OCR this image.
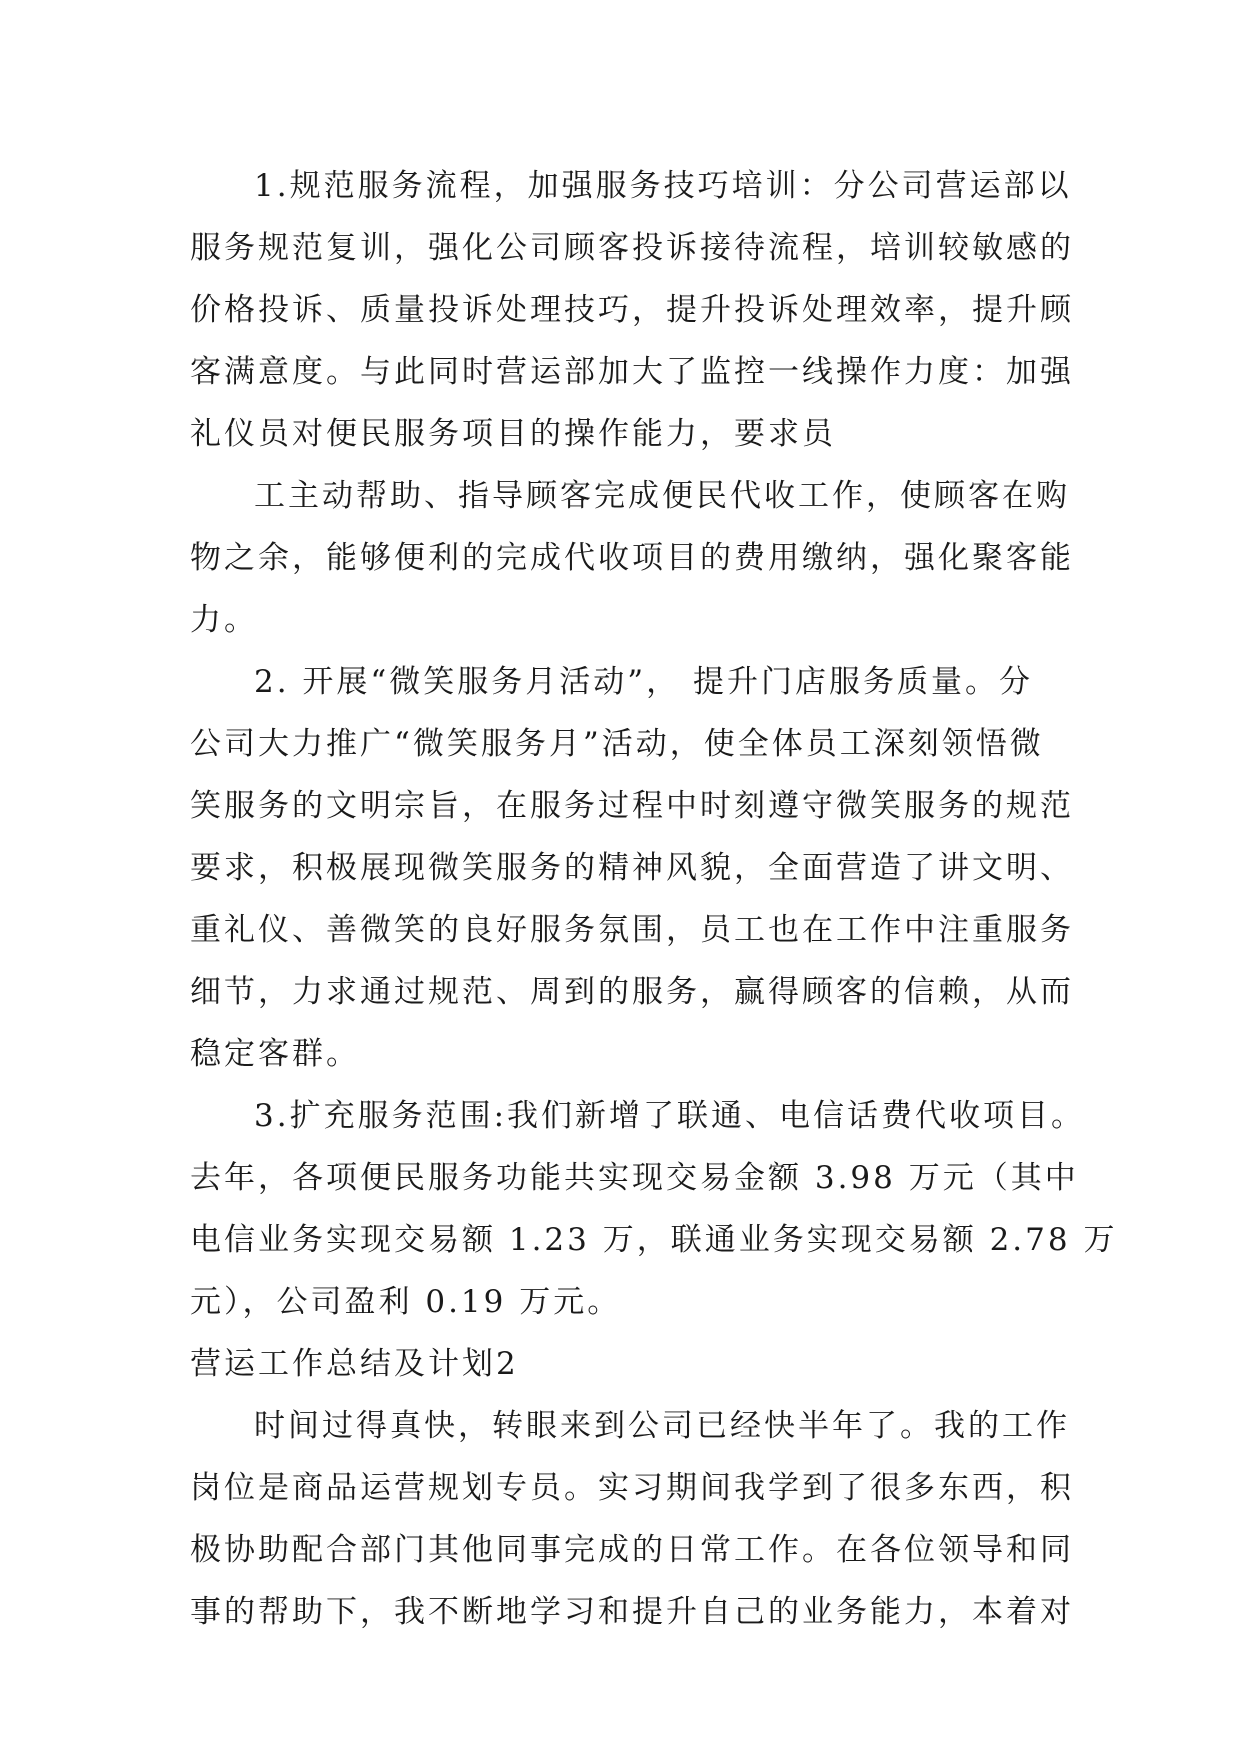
1.规范服务流程，加强服务技巧培训：分公司营运部以

服务规范复训，强化公司顾客投诉接待流程，培训较敏感的

价格投诉、质量投诉处理技巧，提升投诉处理效率，提升顾

客满意度。与此同时营运部加大了监控一线操作力度：加强

礼仪员对便民服务项目的操作能力，要求员

工主动帮助、指导顾客完成便民代收工作，使顾客在购

物之余，能够便利的完成代收项目的费用缴纳，强化聚客能

力。

2. 开展“微笑服务月活动”， 提升门店服务质量。分

公司大力推广“微笑服务月”活动，使全体员工深刻领悟微

笑服务的文明宗旨，在服务过程中时刻遵守微笑服务的规范

要求，积极展现微笑服务的精神风貌，全面营造了讲文明、

重礼仪、善微笑的良好服务氛围，员工也在工作中注重服务

细节，力求通过规范、周到的服务，赢得顾客的信赖，从而

稳定客群。

3.扩充服务范围:我们新增了联通、电信话费代收项目。

去年，各项便民服务功能共实现交易金额 3.98 万元（其中

电信业务实现交易额 1.23 万，联通业务实现交易额 2.78 万

元），公司盈利 0.19 万元。

营运工作总结及计划2

时间过得真快，转眼来到公司已经快半年了。我的工作

岗位是商品运营规划专员。实习期间我学到了很多东西，积

极协助配合部门其他同事完成的日常工作。在各位领导和同

事的帮助下，我不断地学习和提升自己的业务能力，本着对
